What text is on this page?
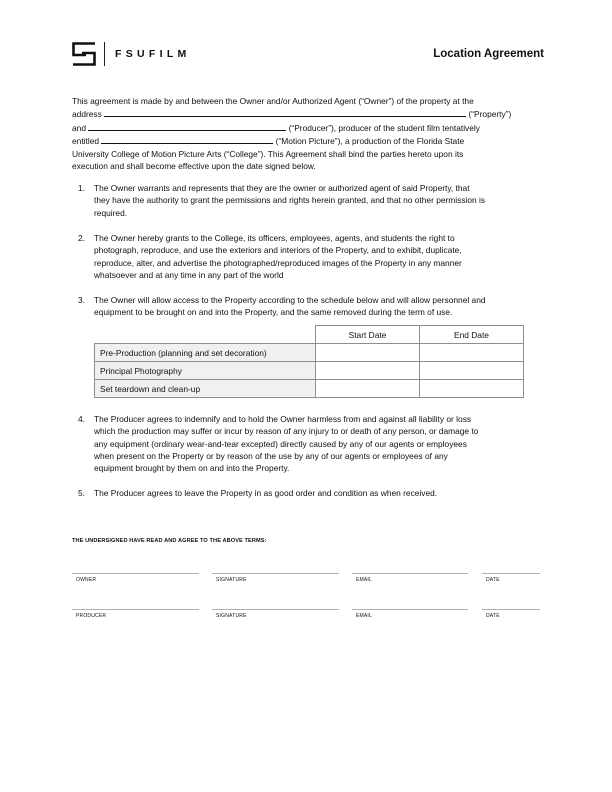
FSUFILM	Location Agreement
This agreement is made by and between the Owner and/or Authorized Agent (“Owner”) of the property at the
address	(“Property”)
and	(“Producer”), producer of the student film tentatively
entitled	(“Motion Picture”), a production of the Florida State
University College of Motion Picture Arts (“College”). This Agreement shall bind the parties hereto upon its
execution and shall become effective upon the date signed below.
1. The Owner warrants and represents that they are the owner or authorized agent of said Property, that
they have the authority to grant the permissions and rights herein granted, and that no other permission is
required.
2. The Owner hereby grants to the College, its officers, employees, agents, and students the right to
photograph, reproduce, and use the exteriors and interiors of the Property, and to exhibit, duplicate,
reproduce, alter, and advertise the photographed/reproduced images of the Property in any manner
whatsoever and at any time in any part of the world
3. The Owner will allow access to the Property according to the schedule below and will allow personnel and
equipment to be brought on and into the Property, and the same removed during the term of use.
4. The Producer agrees to indemnify and to hold the Owner harmless from and against all liability or loss
which the production may suffer or incur by reason of any injury to or death of any person, or damage to
any equipment (ordinary wear-and-tear excepted) directly caused by any of our agents or employees
when present on the Property or by reason of the use by any of our agents or employees of any
equipment brought by them on and into the Property.
5. The Producer agrees to leave the Property in as good order and condition as when received.
	Start Date	End Date
Pre-Production (planning and set decoration)		
Principal Photography		
Set teardown and clean-up		
THE UNDERSIGNED HAVE READ AND AGREE TO THE ABOVE TERMS:
OWNER	SIGNATURE	EMAIL	DATE
PRODUCER	SIGNATURE	EMAIL	DATE
